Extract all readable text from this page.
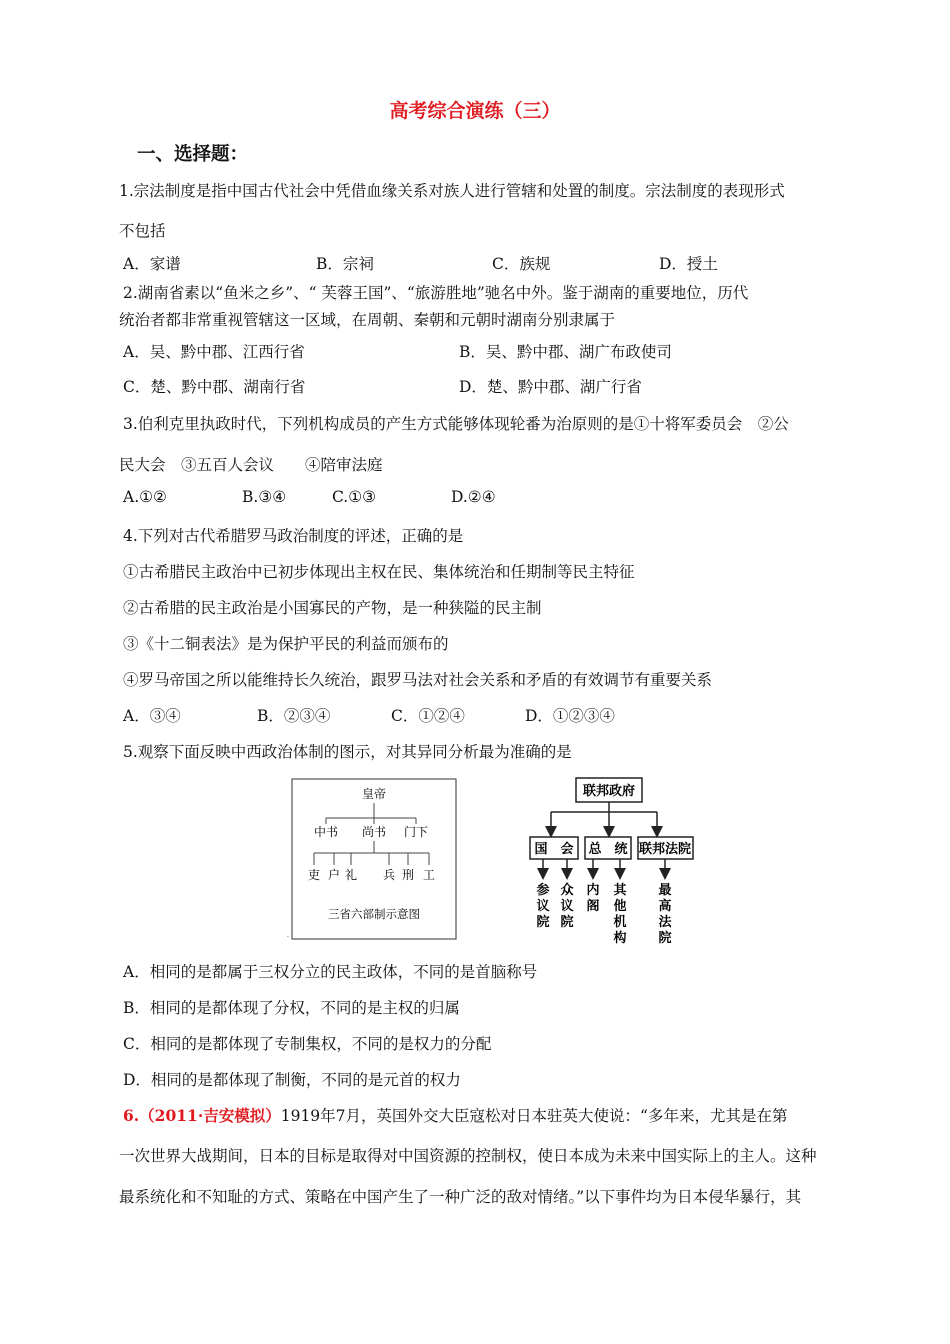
高考综合演练（三）
一、选择题：
1.宗法制度是指中国古代社会中凭借血缘关系对族人进行管辖和处置的制度。宗法制度的表现形式
不包括
A．家谱	B．宗祠	C．族规	D．授土
2.湖南省素以“鱼米之乡”、“ 芙蓉王国”、“旅游胜地”驰名中外。鉴于湖南的重要地位，历代
统治者都非常重视管辖这一区域，在周朝、秦朝和元朝时湖南分别隶属于
A．吴、黔中郡、江西行省	B．吴、黔中郡、湖广布政使司
C．楚、黔中郡、湖南行省	D．楚、黔中郡、湖广行省
3.伯利克里执政时代，下列机构成员的产生方式能够体现轮番为治原则的是①十将军委员会　②公
民大会　③五百人会议　　④陪审法庭
A.①②	B.③④	C.①③	D.②④
4.下列对古代希腊罗马政治制度的评述，正确的是
①古希腊民主政治中已初步体现出主权在民、集体统治和任期制等民主特征
②古希腊的民主政治是小国寡民的产物，是一种狭隘的民主制
③《十二铜表法》是为保护平民的利益而颁布的
④罗马帝国之所以能维持长久统治，跟罗马法对社会关系和矛盾的有效调节有重要关系
A．③④	B．②③④	C．①②④	D．①②③④
5.观察下面反映中西政治体制的图示，对其异同分析最为准确的是
皇帝
中书 尚书 门下
吏 户 礼 兵 刑 工
三省六部制示意图
联邦政府
国　会 总　统 联邦法院
参议院
众议院
内阁
其他机构
最高法院
·
A．相同的是都属于三权分立的民主政体，不同的是首脑称号
B．相同的是都体现了分权，不同的是主权的归属
C．相同的是都体现了专制集权，不同的是权力的分配
D．相同的是都体现了制衡，不同的是元首的权力
6.（2011·吉安模拟）1919年7月，英国外交大臣寇松对日本驻英大使说：“多年来，尤其是在第
一次世界大战期间，日本的目标是取得对中国资源的控制权，使日本成为未来中国实际上的主人。这种
最系统化和不知耻的方式、策略在中国产生了一种广泛的敌对情绪。”以下事件均为日本侵华暴行，其
